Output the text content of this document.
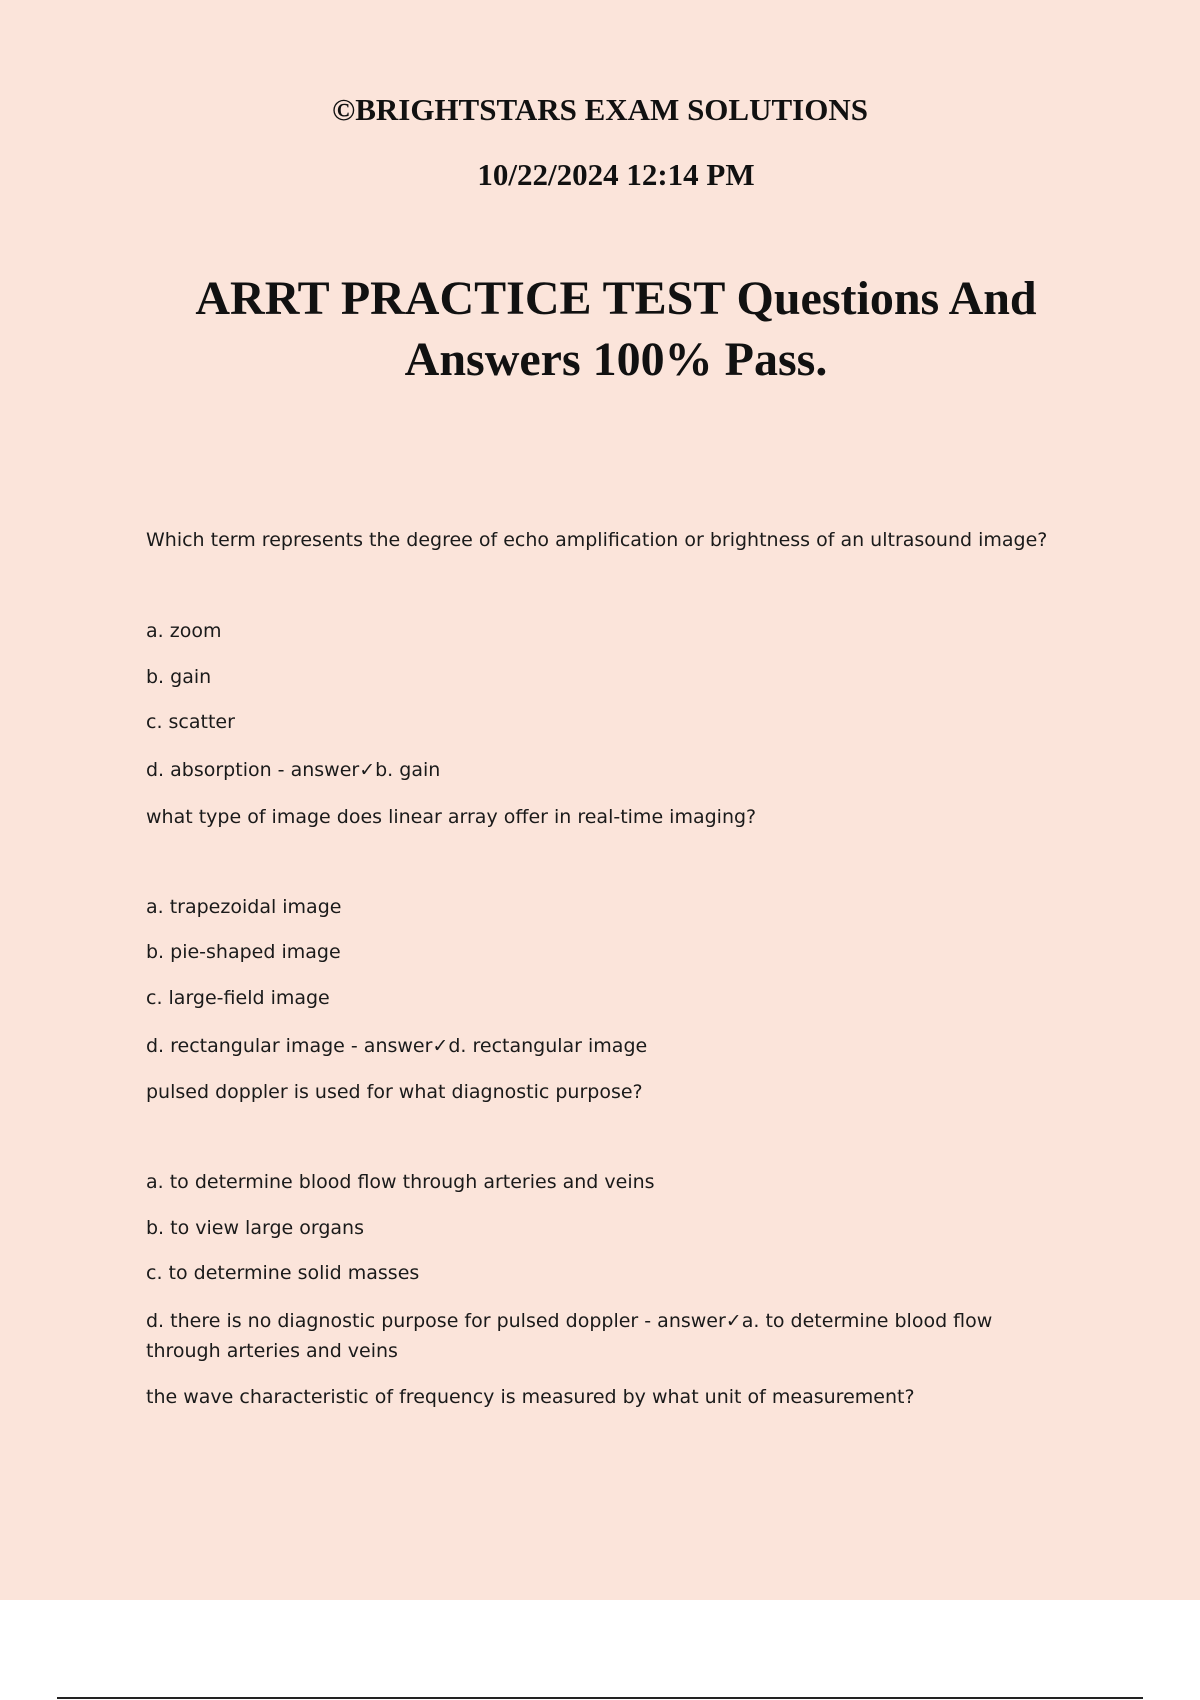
©BRIGHTSTARS EXAM SOLUTIONS
10/22/2024 12:14 PM
ARRT PRACTICE TEST Questions And Answers 100% Pass.
Which term represents the degree of echo amplification or brightness of an ultrasound image?
a. zoom
b. gain
c. scatter
d. absorption - answer✓b. gain
what type of image does linear array offer in real-time imaging?
a. trapezoidal image
b. pie-shaped image
c. large-field image
d. rectangular image - answer✓d. rectangular image
pulsed doppler is used for what diagnostic purpose?
a. to determine blood flow through arteries and veins
b. to view large organs
c. to determine solid masses
d. there is no diagnostic purpose for pulsed doppler - answer✓a. to determine blood flow through arteries and veins
the wave characteristic of frequency is measured by what unit of measurement?
